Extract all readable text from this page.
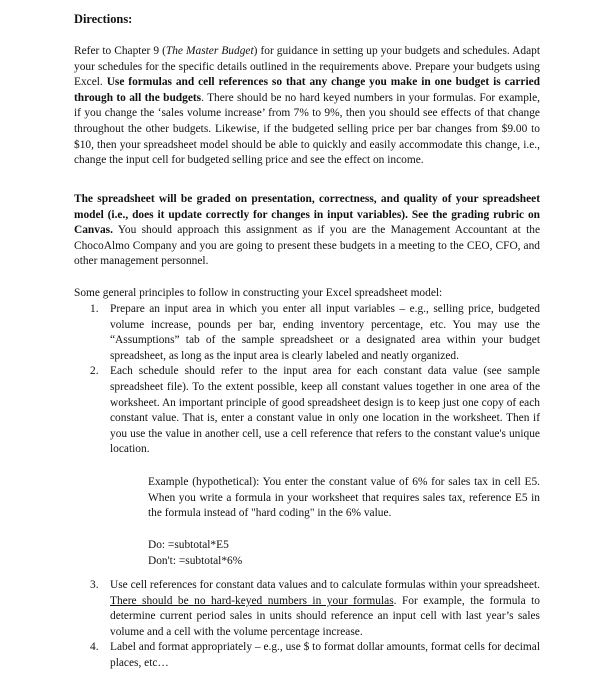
Directions:

Refer to Chapter 9 (The Master Budget) for guidance in setting up your budgets and schedules. Adapt your schedules for the specific details outlined in the requirements above. Prepare your budgets using Excel. Use formulas and cell references so that any change you make in one budget is carried through to all the budgets. There should be no hard keyed numbers in your formulas. For example, if you change the ‘sales volume increase’ from 7% to 9%, then you should see effects of that change throughout the other budgets. Likewise, if the budgeted selling price per bar changes from $9.00 to $10, then your spreadsheet model should be able to quickly and easily accommodate this change, i.e., change the input cell for budgeted selling price and see the effect on income.

The spreadsheet will be graded on presentation, correctness, and quality of your spreadsheet model (i.e., does it update correctly for changes in input variables). See the grading rubric on Canvas. You should approach this assignment as if you are the Management Accountant at the ChocoAlmo Company and you are going to present these budgets in a meeting to the CEO, CFO, and other management personnel.

Some general principles to follow in constructing your Excel spreadsheet model:

1. Prepare an input area in which you enter all input variables – e.g., selling price, budgeted volume increase, pounds per bar, ending inventory percentage, etc. You may use the “Assumptions” tab of the sample spreadsheet or a designated area within your budget spreadsheet, as long as the input area is clearly labeled and neatly organized.
2. Each schedule should refer to the input area for each constant data value (see sample spreadsheet file). To the extent possible, keep all constant values together in one area of the worksheet. An important principle of good spreadsheet design is to keep just one copy of each constant value. That is, enter a constant value in only one location in the worksheet. Then if you use the value in another cell, use a cell reference that refers to the constant value's unique location.

Example (hypothetical): You enter the constant value of 6% for sales tax in cell E5. When you write a formula in your worksheet that requires sales tax, reference E5 in the formula instead of "hard coding" in the 6% value.

Do: =subtotal*E5
Don't: =subtotal*6%
3. Use cell references for constant data values and to calculate formulas within your spreadsheet. There should be no hard-keyed numbers in your formulas. For example, the formula to determine current period sales in units should reference an input cell with last year’s sales volume and a cell with the volume percentage increase.
4. Label and format appropriately – e.g., use $ to format dollar amounts, format cells for decimal places, etc…
